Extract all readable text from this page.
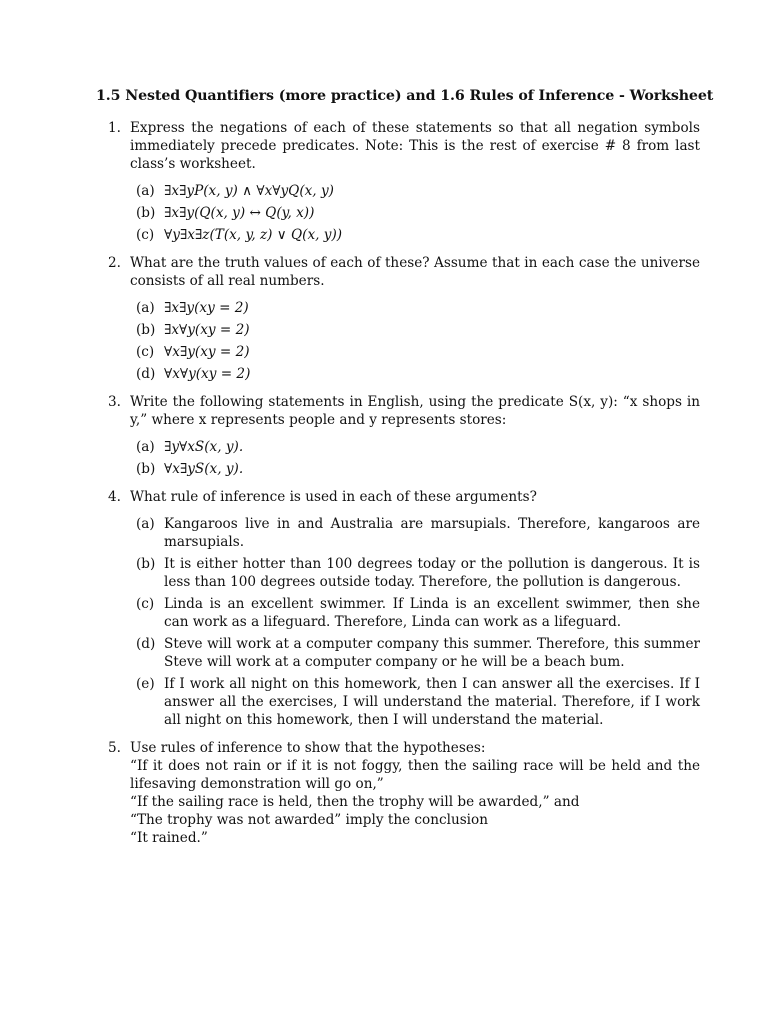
1.5 Nested Quantifiers (more practice) and 1.6 Rules of Inference - Worksheet
1. Express the negations of each of these statements so that all negation symbols immediately precede predicates. Note: This is the rest of exercise # 8 from last class’s worksheet.
(a) ∃x∃yP(x, y) ∧ ∀x∀yQ(x, y)
(b) ∃x∃y(Q(x, y) ↔ Q(y, x))
(c) ∀y∃x∃z(T(x, y, z) ∨ Q(x, y))
2. What are the truth values of each of these? Assume that in each case the universe consists of all real numbers.
(a) ∃x∃y(xy = 2)
(b) ∃x∀y(xy = 2)
(c) ∀x∃y(xy = 2)
(d) ∀x∀y(xy = 2)
3. Write the following statements in English, using the predicate S(x, y): “x shops in y,” where x represents people and y represents stores:
(a) ∃y∀xS(x, y).
(b) ∀x∃yS(x, y).
4. What rule of inference is used in each of these arguments?
(a) Kangaroos live in and Australia are marsupials. Therefore, kangaroos are marsupials.
(b) It is either hotter than 100 degrees today or the pollution is dangerous. It is less than 100 degrees outside today. Therefore, the pollution is dangerous.
(c) Linda is an excellent swimmer. If Linda is an excellent swimmer, then she can work as a lifeguard. Therefore, Linda can work as a lifeguard.
(d) Steve will work at a computer company this summer. Therefore, this summer Steve will work at a computer company or he will be a beach bum.
(e) If I work all night on this homework, then I can answer all the exercises. If I answer all the exercises, I will understand the material. Therefore, if I work all night on this homework, then I will understand the material.
5. Use rules of inference to show that the hypotheses:
“If it does not rain or if it is not foggy, then the sailing race will be held and the lifesaving demonstration will go on,”
“If the sailing race is held, then the trophy will be awarded,” and
“The trophy was not awarded” imply the conclusion
“It rained.”
